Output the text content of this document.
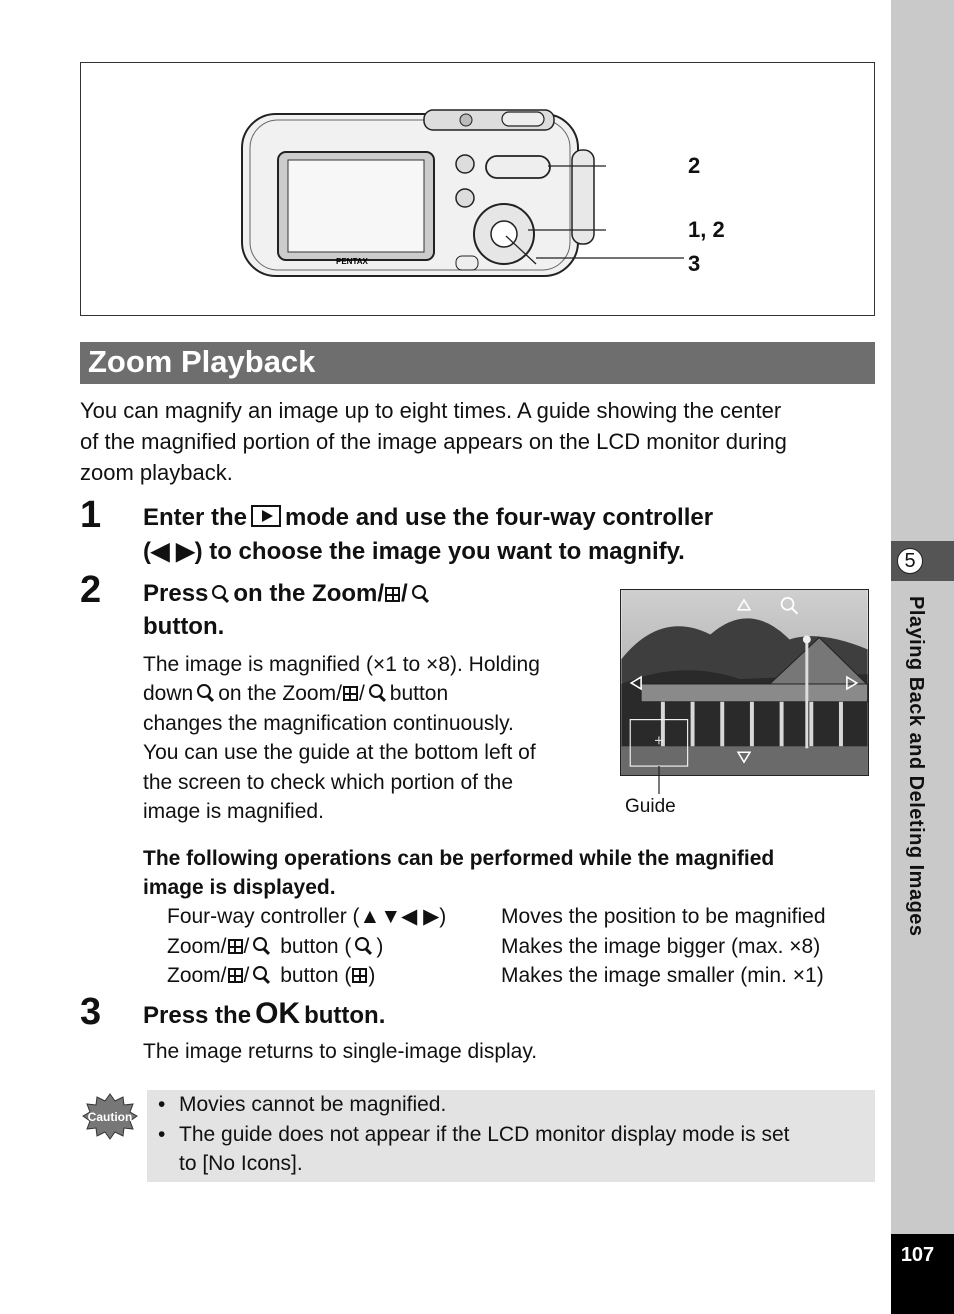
5
Playing Back and Deleting Images
107
PENTAX
2
1, 2
3
Zoom Playback
You can magnify an image up to eight times. A guide showing the center
of the magnified portion of the image appears on the LCD monitor during
zoom playback.
1 Enter the mode and use the four-way controller
(◀ ▶) to choose the image you want to magnify.
2 Press on the Zoom/ /
button.
The image is magnified (×1 to ×8). Holding
down on the Zoom/ / button
changes the magnification continuously.
You can use the guide at the bottom left of
the screen to check which portion of the
image is magnified.	Guide
The following operations can be performed while the magnified
image is displayed.
Four-way controller (▲▼◀ ▶)	Moves the position to be magnified
Zoom/ / button ( )	Makes the image bigger (max. ×8)
Zoom/ / button ( )	Makes the image smaller (min. ×1)
3 Press the OK button.
The image returns to single-image display.
Caution
• Movies cannot be magnified.
• The guide does not appear if the LCD monitor display mode is set
to [No Icons].
